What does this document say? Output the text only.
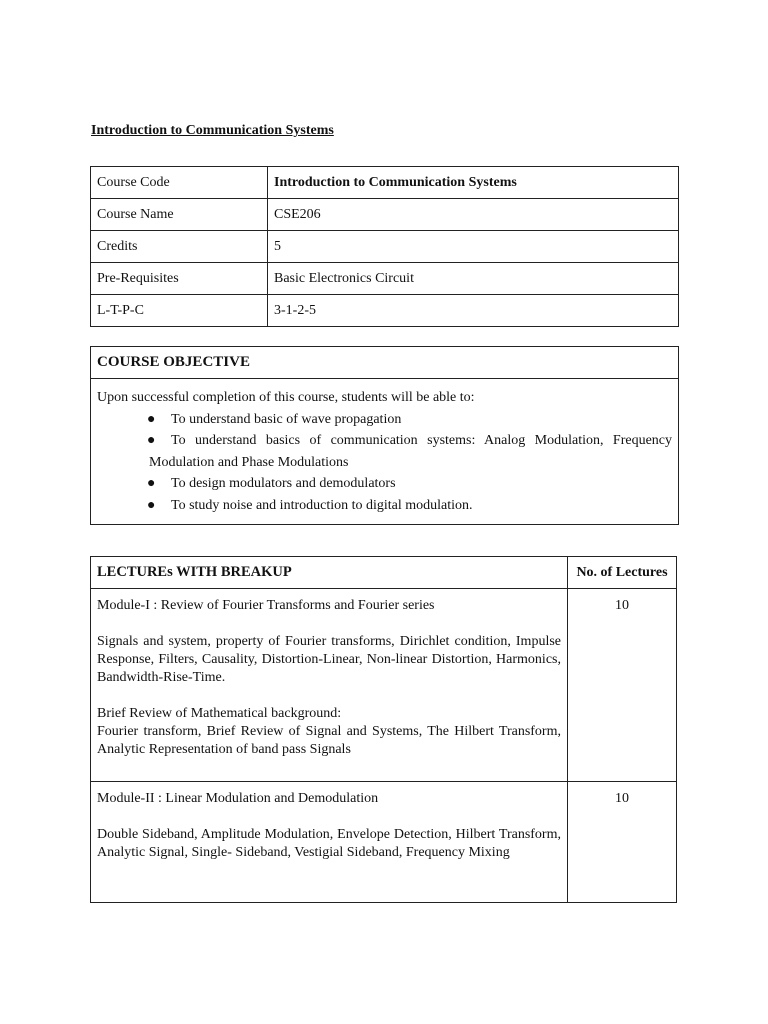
Introduction to Communication Systems
Course Code	Introduction to Communication Systems
Course Name	CSE206
Credits	5
Pre-Requisites	Basic Electronics Circuit
L-T-P-C	3-1-2-5
COURSE OBJECTIVE

Upon successful completion of this course, students will be able to:
● To understand basic of wave propagation
● To understand basics of communication systems: Analog Modulation, Frequency Modulation and Phase Modulations
● To design modulators and demodulators
● To study noise and introduction to digital modulation.
LECTUREs WITH BREAKUP	No. of Lectures

Module-I : Review of Fourier Transforms and Fourier series

Signals and system, property of Fourier transforms, Dirichlet condition, Impulse Response, Filters, Causality, Distortion-Linear, Non-linear Distortion, Harmonics, Bandwidth-Rise-Time.

Brief Review of Mathematical background:

Fourier transform, Brief Review of Signal and Systems, The Hilbert Transform, Analytic Representation of band pass Signals	10

Module-II : Linear Modulation and Demodulation

Double Sideband, Amplitude Modulation, Envelope Detection, Hilbert Transform, Analytic Signal, Single- Sideband, Vestigial Sideband, Frequency Mixing	10
